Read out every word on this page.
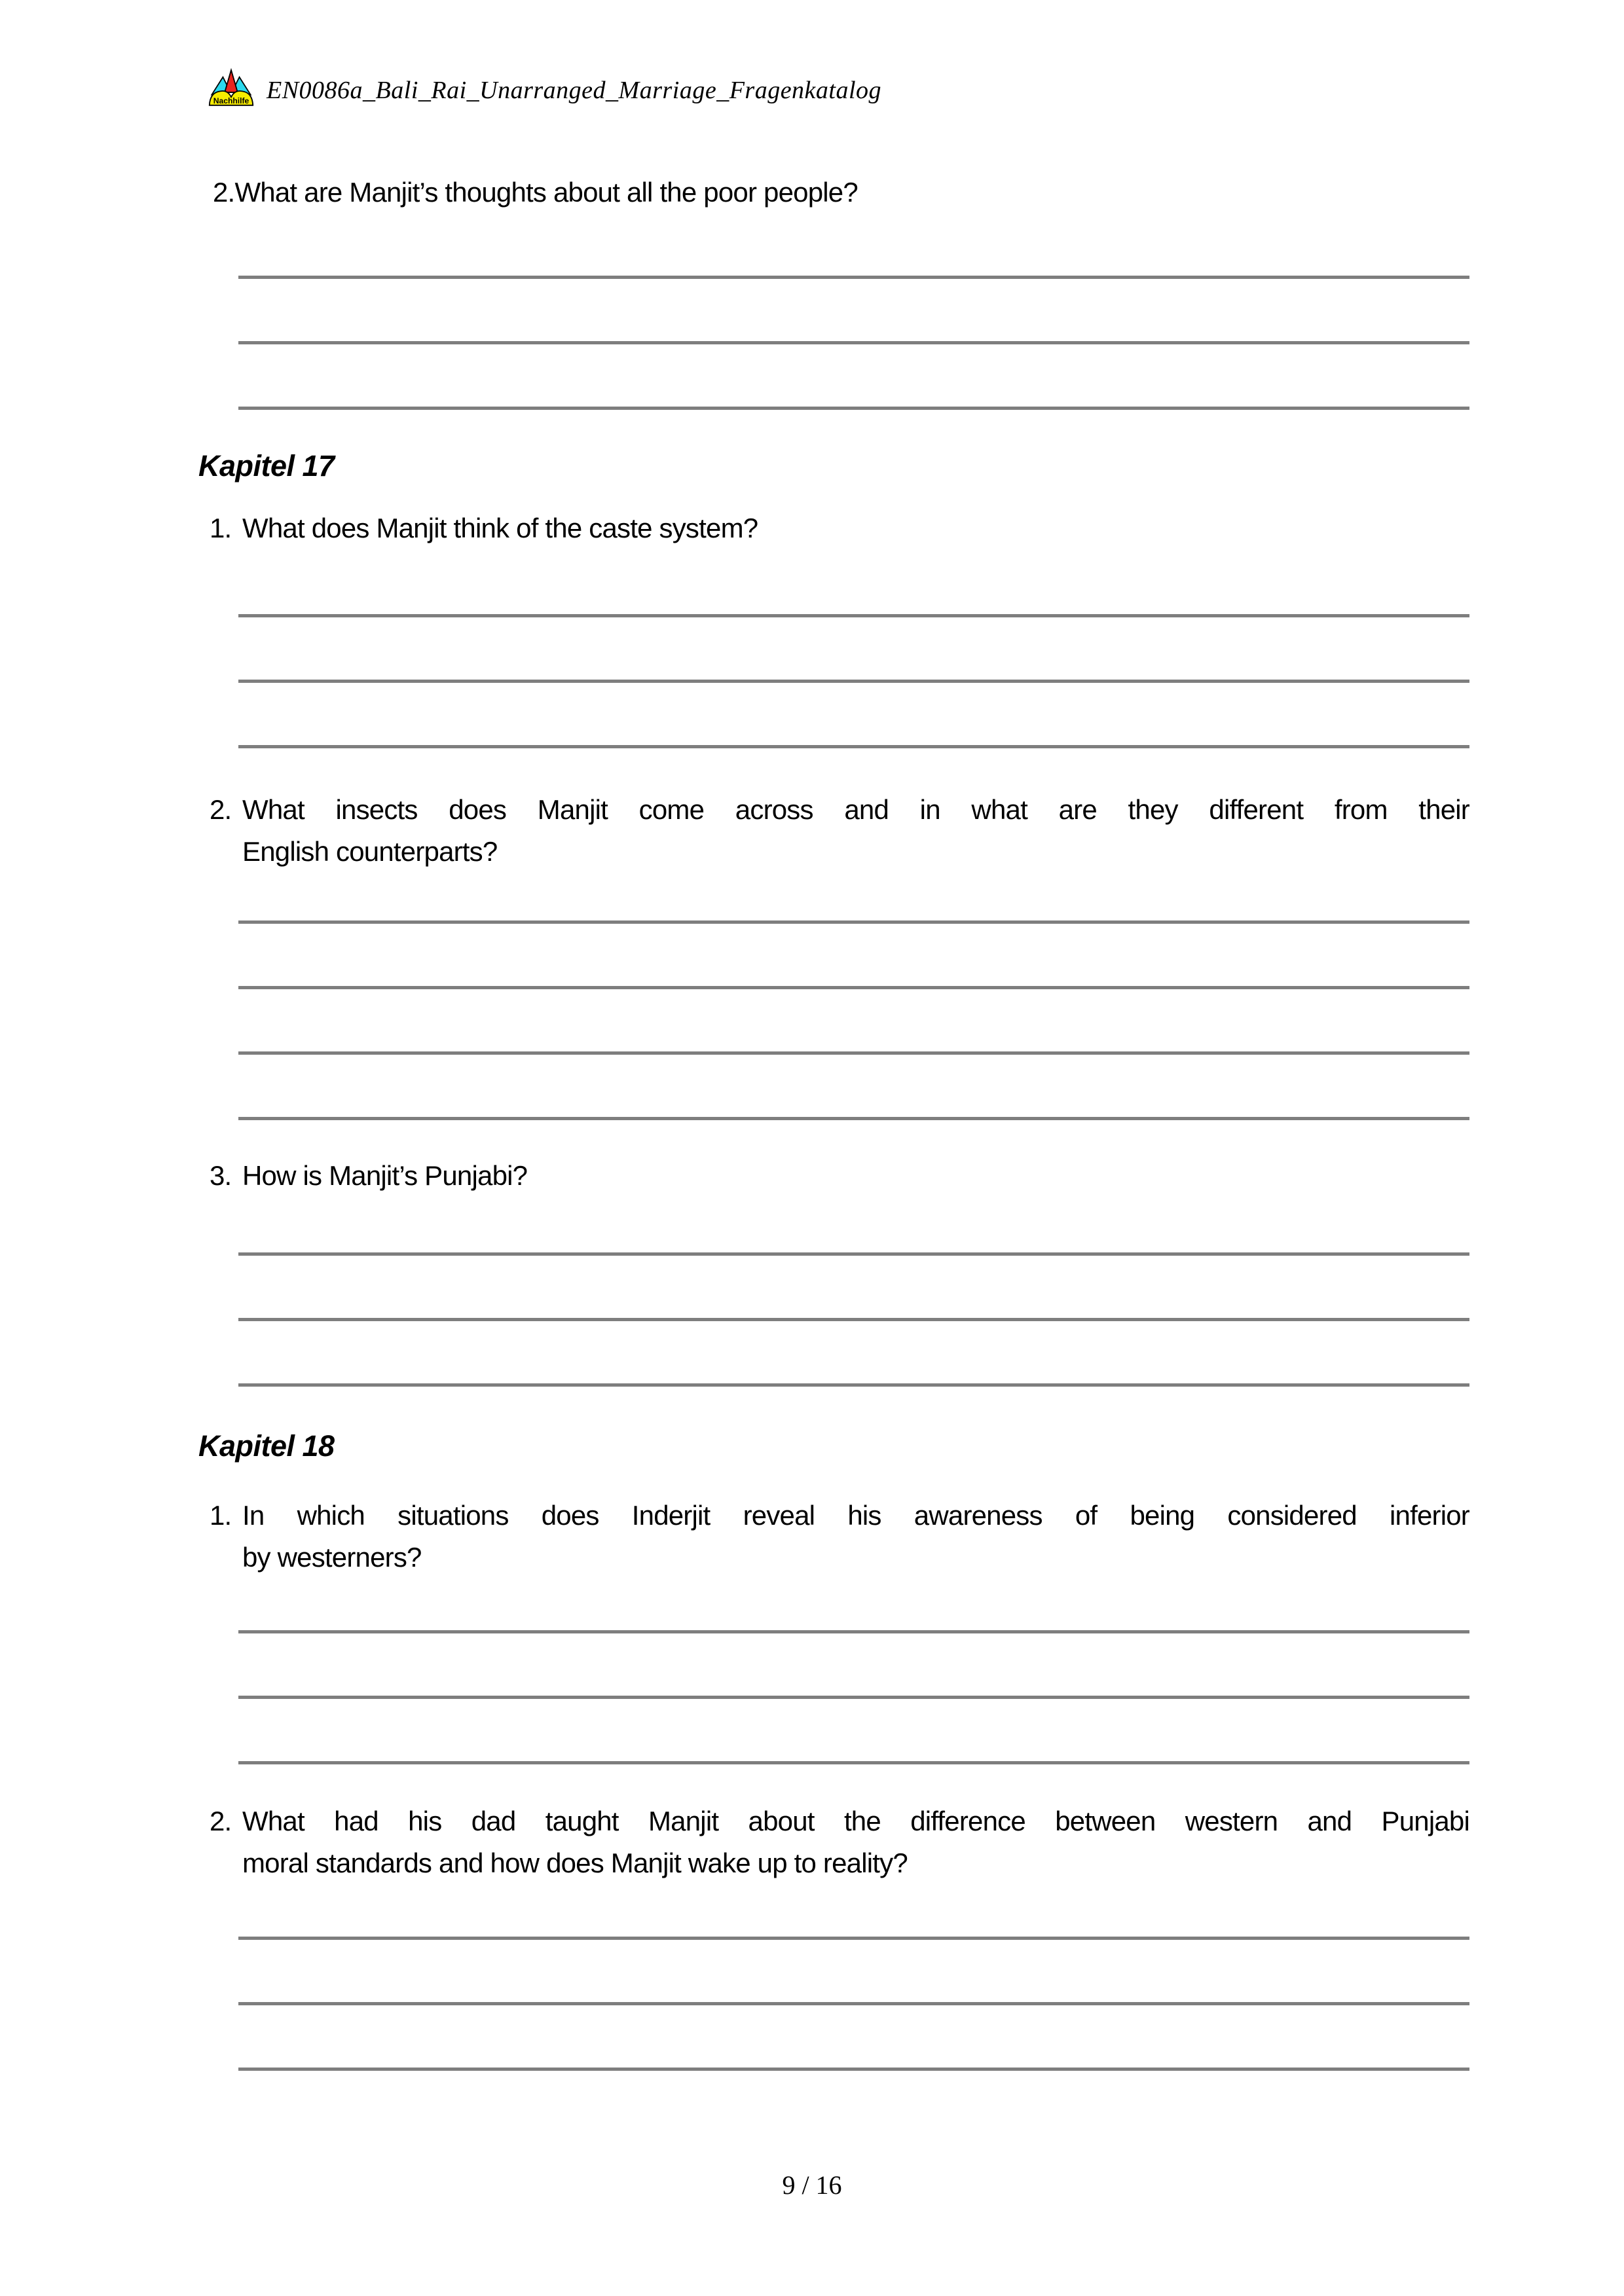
Nachhilfe EN0086a_Bali_Rai_Unarranged_Marriage_Fragenkatalog
2. What are Manjit’s thoughts about all the poor people?
Kapitel 17
1. What does Manjit think of the caste system?
2. What insects does Manjit come across and in what are they different from their
English counterparts?
3. How is Manjit’s Punjabi?
Kapitel 18
1. In which situations does Inderjit reveal his awareness of being considered inferior
by westerners?
2. What had his dad taught Manjit about the difference between western and Punjabi
moral standards and how does Manjit wake up to reality?
9 / 16
